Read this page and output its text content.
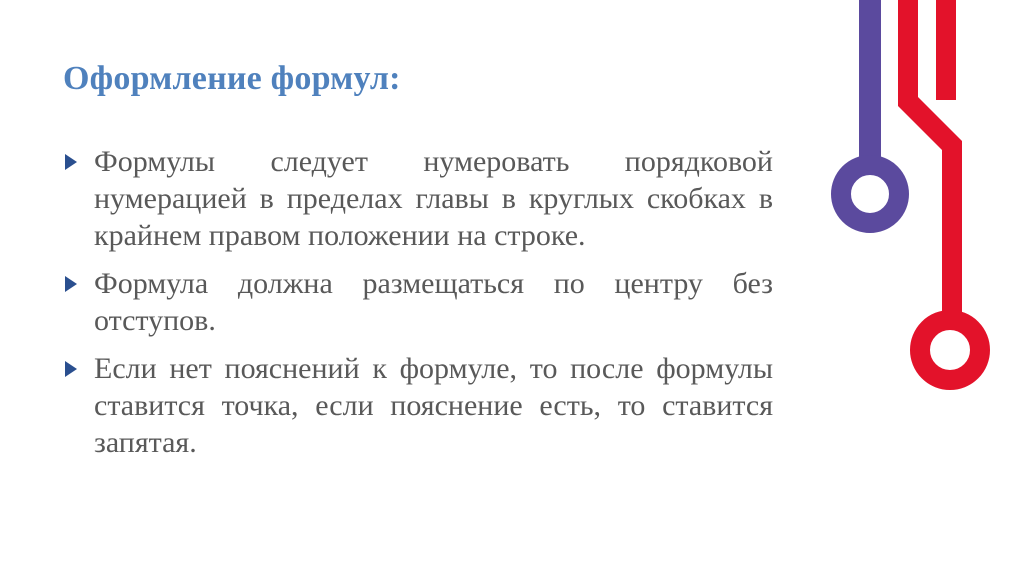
Оформление формул:
Формулы следует нумеровать порядковой нумерацией в пределах главы в круглых скобках в крайнем правом положении на строке.
Формула должна размещаться по центру без отступов.
Если нет пояснений к формуле, то после формулы ставится точка, если пояснение есть, то ставится запятая.
